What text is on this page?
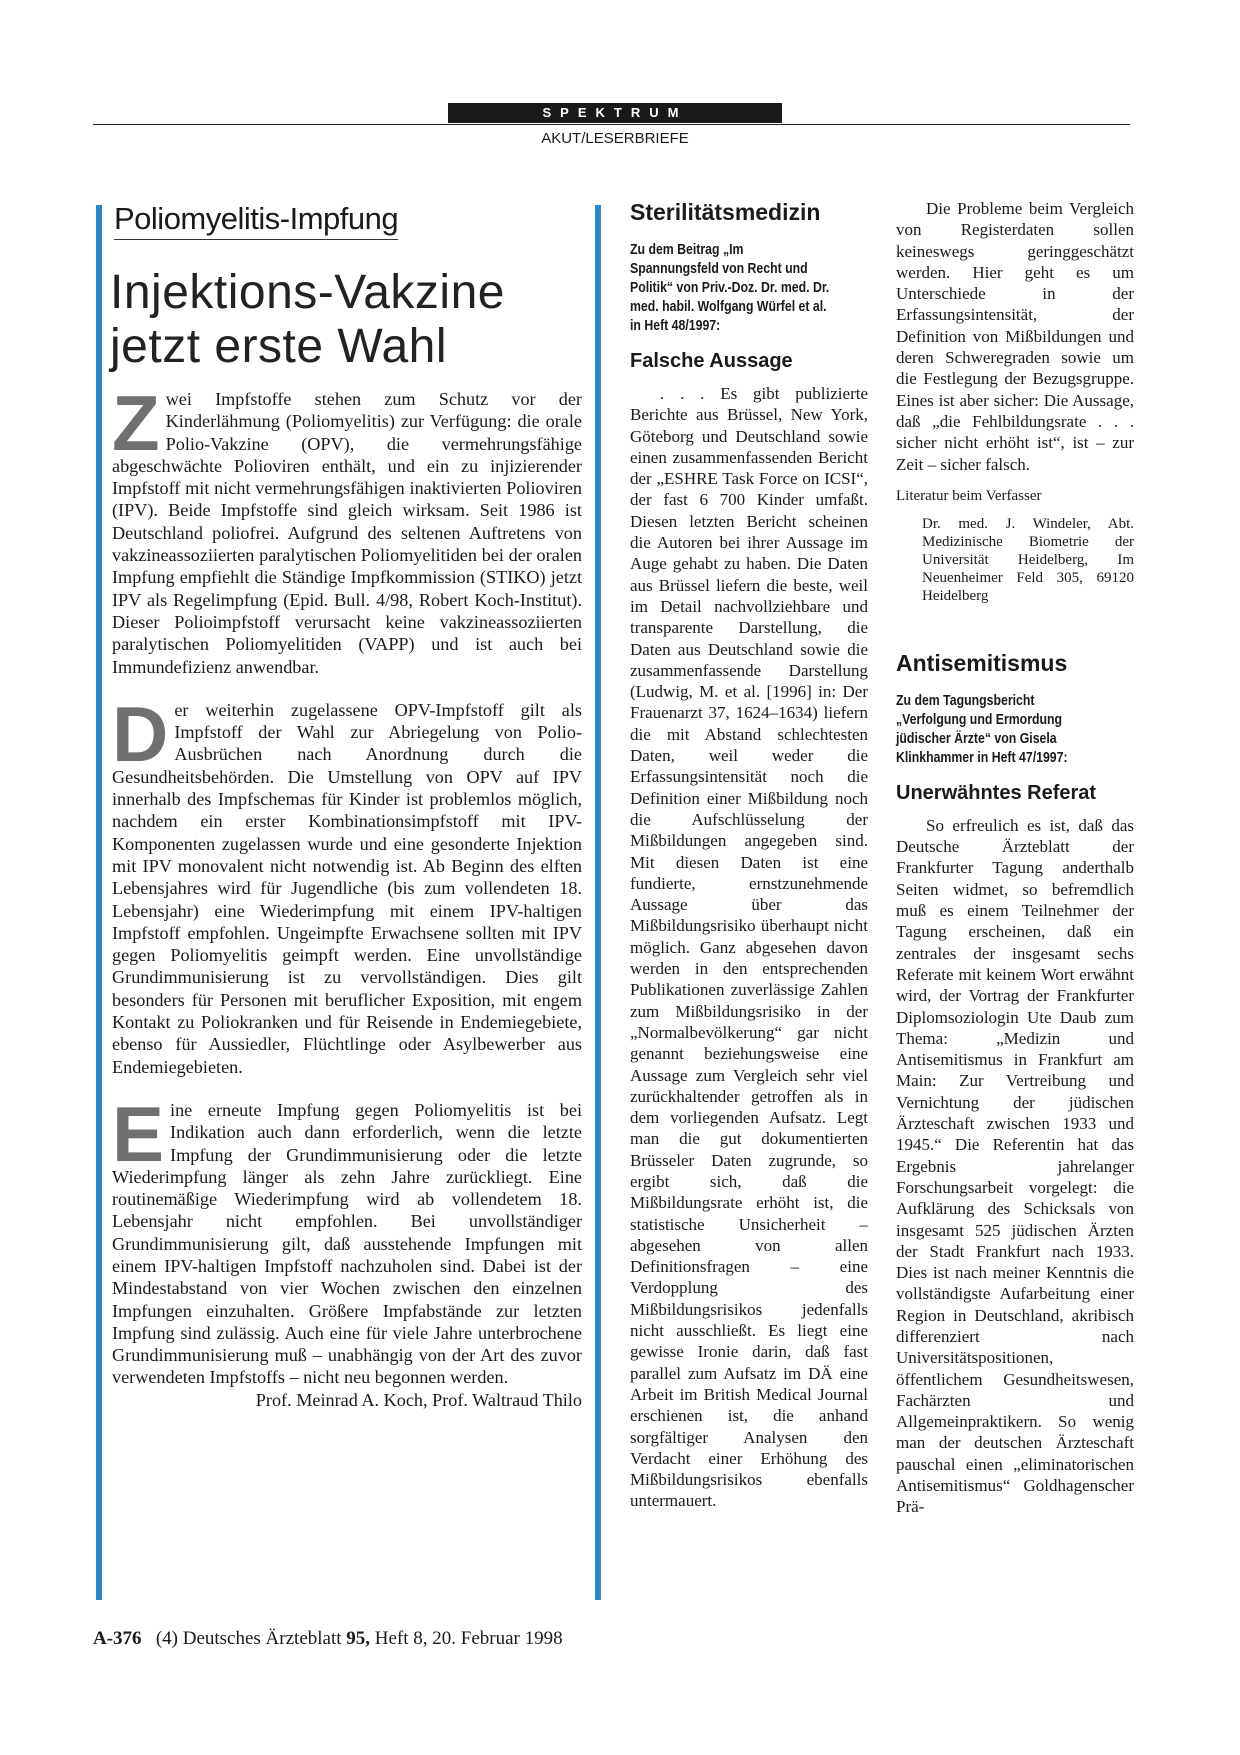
SPEKTRUM
AKUT/LESERBRIEFE
Poliomyelitis-Impfung
Injektions-Vakzine
jetzt erste Wahl

Zwei Impfstoffe stehen zum Schutz vor der Kinderlähmung (Poliomyelitis) zur Verfügung: die orale Polio-Vakzine (OPV), die vermehrungsfähige abgeschwächte Polioviren enthält, und ein zu injizierender Impfstoff mit nicht vermehrungsfähigen inaktivierten Polioviren (IPV). Beide Impfstoffe sind gleich wirksam. Seit 1986 ist Deutschland poliofrei. Aufgrund des seltenen Auftretens von vakzineassoziierten paralytischen Poliomyelitiden bei der oralen Impfung empfiehlt die Ständige Impfkommission (STIKO) jetzt IPV als Regelimpfung (Epid. Bull. 4/98, Robert Koch-Institut). Dieser Polioimpfstoff verursacht keine vakzineassoziierten paralytischen Poliomyelitiden (VAPP) und ist auch bei Immundefizienz anwendbar.

Der weiterhin zugelassene OPV-Impfstoff gilt als Impfstoff der Wahl zur Abriegelung von Polio-Ausbrüchen nach Anordnung durch die Gesundheitsbehörden. Die Umstellung von OPV auf IPV innerhalb des Impfschemas für Kinder ist problemlos möglich, nachdem ein erster Kombinationsimpfstoff mit IPV-Komponenten zugelassen wurde und eine gesonderte Injektion mit IPV monovalent nicht notwendig ist. Ab Beginn des elften Lebensjahres wird für Jugendliche (bis zum vollendeten 18. Lebensjahr) eine Wiederimpfung mit einem IPV-haltigen Impfstoff empfohlen. Ungeimpfte Erwachsene sollten mit IPV gegen Poliomyelitis geimpft werden. Eine unvollständige Grundimmunisierung ist zu vervollständigen. Dies gilt besonders für Personen mit beruflicher Exposition, mit engem Kontakt zu Poliokranken und für Reisende in Endemiegebiete, ebenso für Aussiedler, Flüchtlinge oder Asylbewerber aus Endemiegebieten.

Eine erneute Impfung gegen Poliomyelitis ist bei Indikation auch dann erforderlich, wenn die letzte Impfung der Grundimmunisierung oder die letzte Wiederimpfung länger als zehn Jahre zurückliegt. Eine routinemäßige Wiederimpfung wird ab vollendetem 18. Lebensjahr nicht empfohlen. Bei unvollständiger Grundimmunisierung gilt, daß ausstehende Impfungen mit einem IPV-haltigen Impfstoff nachzuholen sind. Dabei ist der Mindestabstand von vier Wochen zwischen den einzelnen Impfungen einzuhalten. Größere Impfabstände zur letzten Impfung sind zulässig. Auch eine für viele Jahre unterbrochene Grundimmunisierung muß – unabhängig von der Art des zuvor verwendeten Impfstoffs – nicht neu begonnen werden.

Prof. Meinrad A. Koch, Prof. Waltraud Thilo

Sterilitätsmedizin

Zu dem Beitrag „Im Spannungsfeld von Recht und Politik“ von Priv.-Doz. Dr. med. Dr. med. habil. Wolfgang Würfel et al. in Heft 48/1997:

Falsche Aussage

. . . Es gibt publizierte Berichte aus Brüssel, New York, Göteborg und Deutschland sowie einen zusammenfassenden Bericht der „ESHRE Task Force on ICSI“, der fast 6 700 Kinder umfaßt. Diesen letzten Bericht scheinen die Autoren bei ihrer Aussage im Auge gehabt zu haben. Die Daten aus Brüssel liefern die beste, weil im Detail nachvollziehbare und transparente Darstellung, die Daten aus Deutschland sowie die zusammenfassende Darstellung (Ludwig, M. et al. [1996] in: Der Frauenarzt 37, 1624–1634) liefern die mit Abstand schlechtesten Daten, weil weder die Erfassungsintensität noch die Definition einer Mißbildung noch die Aufschlüsselung der Mißbildungen angegeben sind. Mit diesen Daten ist eine fundierte, ernstzunehmende Aussage über das Mißbildungsrisiko überhaupt nicht möglich. Ganz abgesehen davon werden in den entsprechenden Publikationen zuverlässige Zahlen zum Mißbildungsrisiko in der „Normalbevölkerung“ gar nicht genannt beziehungsweise eine Aussage zum Vergleich sehr viel zurückhaltender getroffen als in dem vorliegenden Aufsatz. Legt man die gut dokumentierten Brüsseler Daten zugrunde, so ergibt sich, daß die Mißbildungsrate erhöht ist, die statistische Unsicherheit – abgesehen von allen Definitionsfragen – eine Verdopplung des Mißbildungsrisikos jedenfalls nicht ausschließt. Es liegt eine gewisse Ironie darin, daß fast parallel zum Aufsatz im DÄ eine Arbeit im British Medical Journal erschienen ist, die anhand sorgfältiger Analysen den Verdacht einer Erhöhung des Mißbildungsrisikos ebenfalls untermauert.

Die Probleme beim Vergleich von Registerdaten sollen keineswegs geringgeschätzt werden. Hier geht es um Unterschiede in der Erfassungsintensität, der Definition von Mißbildungen und deren Schweregraden sowie um die Festlegung der Bezugsgruppe. Eines ist aber sicher: Die Aussage, daß „die Fehlbildungsrate . . . sicher nicht erhöht ist“, ist – zur Zeit – sicher falsch.

Literatur beim Verfasser

Dr. med. J. Windeler, Abt. Medizinische Biometrie der Universität Heidelberg, Im Neuenheimer Feld 305, 69120 Heidelberg

Antisemitismus

Zu dem Tagungsbericht „Verfolgung und Ermordung jüdischer Ärzte“ von Gisela Klinkhammer in Heft 47/1997:

Unerwähntes Referat

So erfreulich es ist, daß das Deutsche Ärzteblatt der Frankfurter Tagung anderthalb Seiten widmet, so befremdlich muß es einem Teilnehmer der Tagung erscheinen, daß ein zentrales der insgesamt sechs Referate mit keinem Wort erwähnt wird, der Vortrag der Frankfurter Diplomsoziologin Ute Daub zum Thema: „Medizin und Antisemitismus in Frankfurt am Main: Zur Vertreibung und Vernichtung der jüdischen Ärzteschaft zwischen 1933 und 1945.“ Die Referentin hat das Ergebnis jahrelanger Forschungsarbeit vorgelegt: die Aufklärung des Schicksals von insgesamt 525 jüdischen Ärzten der Stadt Frankfurt nach 1933. Dies ist nach meiner Kenntnis die vollständigste Aufarbeitung einer Region in Deutschland, akribisch differenziert nach Universitätspositionen, öffentlichem Gesundheitswesen, Fachärzten und Allgemeinpraktikern. So wenig man der deutschen Ärzteschaft pauschal einen „eliminatorischen Antisemitismus“ Goldhagenscher Prä-

A-376 (4) Deutsches Ärzteblatt 95, Heft 8, 20. Februar 1998
